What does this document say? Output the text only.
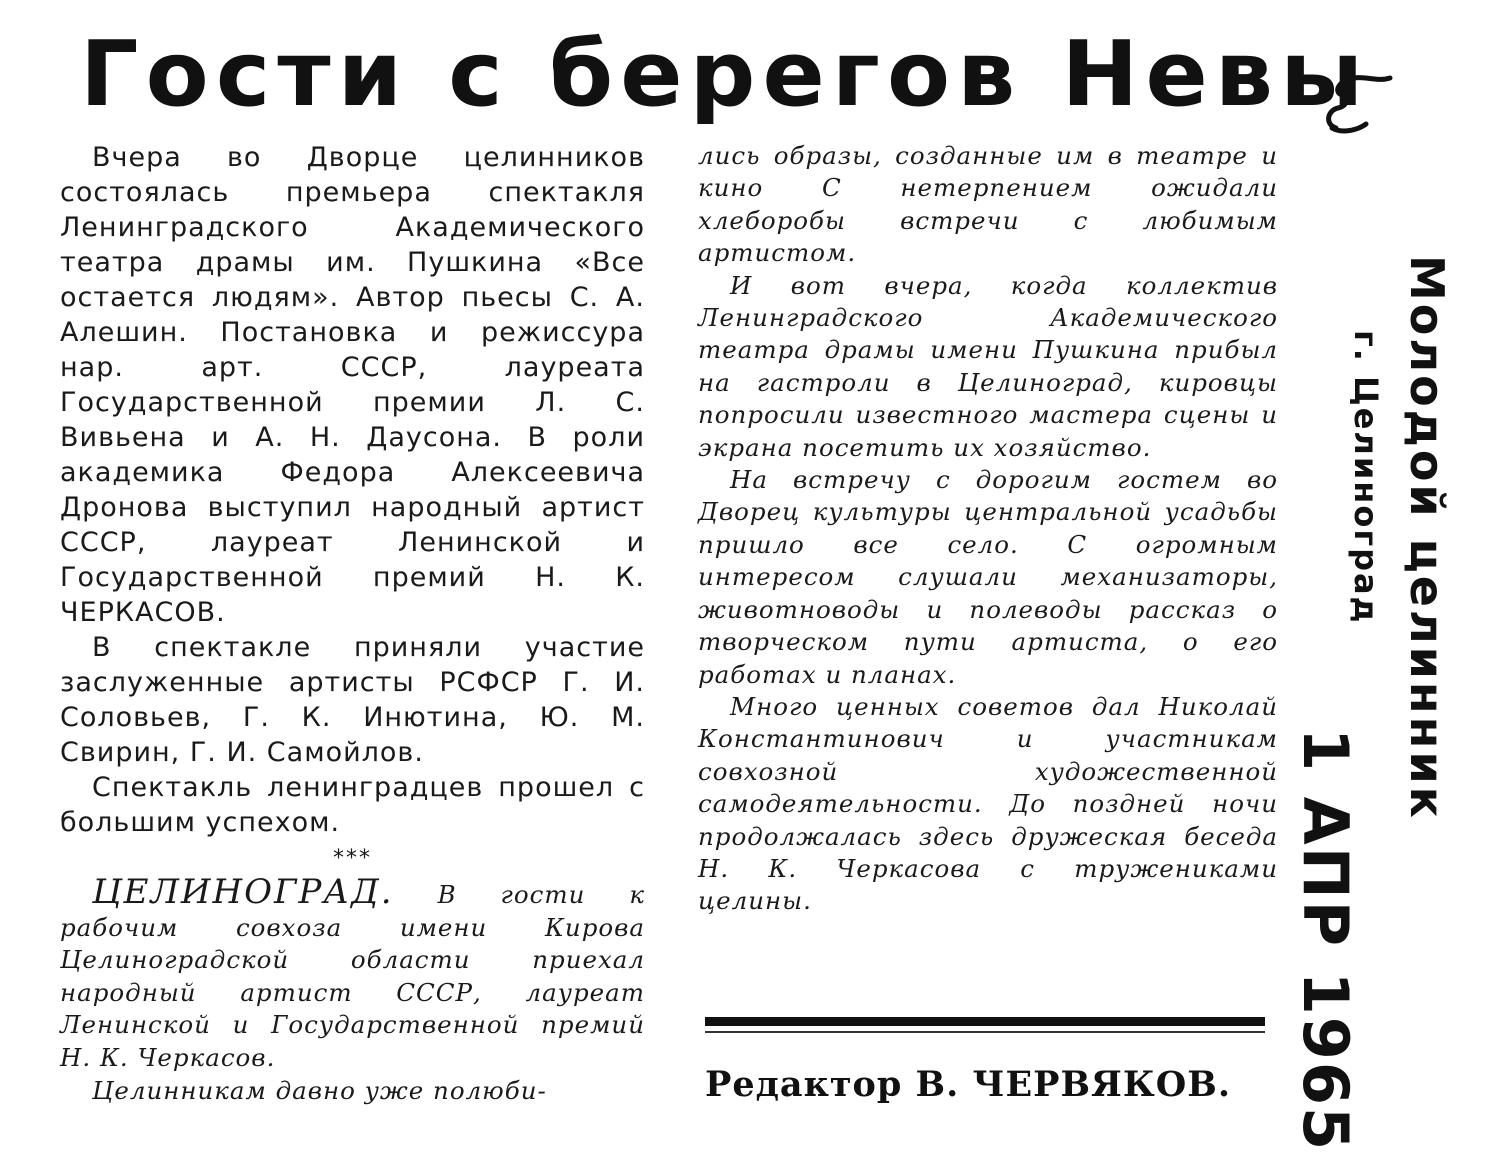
Гости с берегов Невы

Вчера во Дворце целинников состоялась премьера спектакля Ленинградского Академического театра драмы им. Пушкина «Все остается людям». Автор пьесы С. А. Алешин. Постановка и режиссура нар. арт. СССР, лауреата Государственной премии Л. С. Вивьена и А. Н. Даусона. В роли академика Федора Алексеевича Дронова выступил народный артист СССР, лауреат Ленинской и Государственной премий Н. К. ЧЕРКАСОВ.

В спектакле приняли участие заслуженные артисты РСФСР Г. И. Соловьев, Г. К. Инютина, Ю. М. Свирин, Г. И. Самойлов.

Спектакль ленинградцев прошел с большим успехом.

***

ЦЕЛИНОГРАД. В гости к рабочим совхоза имени Кирова Целиноградской области приехал народный артист СССР, лауреат Ленинской и Государственной премий Н. К. Черкасов.

Целинникам давно уже полюби-

лись образы, созданные им в театре и кино С нетерпением ожидали хлеборобы встречи с любимым артистом.

И вот вчера, когда коллектив Ленинградского Академического театра драмы имени Пушкина прибыл на гастроли в Целиноград, кировцы попросили известного мастера сцены и экрана посетить их хозяйство.

На встречу с дорогим гостем во Дворец культуры центральной усадьбы пришло все село. С огромным интересом слушали механизаторы, животноводы и полеводы рассказ о творческом пути артиста, о его работах и планах.

Много ценных советов дал Николай Константинович и участникам совхозной художественной самодеятельности. До поздней ночи продолжалась здесь дружеская беседа Н. К. Черкасова с тружениками целины.

Редактор В. ЧЕРВЯКОВ.
Молодой целинник
г. Целиноград
1 АПР 1965
